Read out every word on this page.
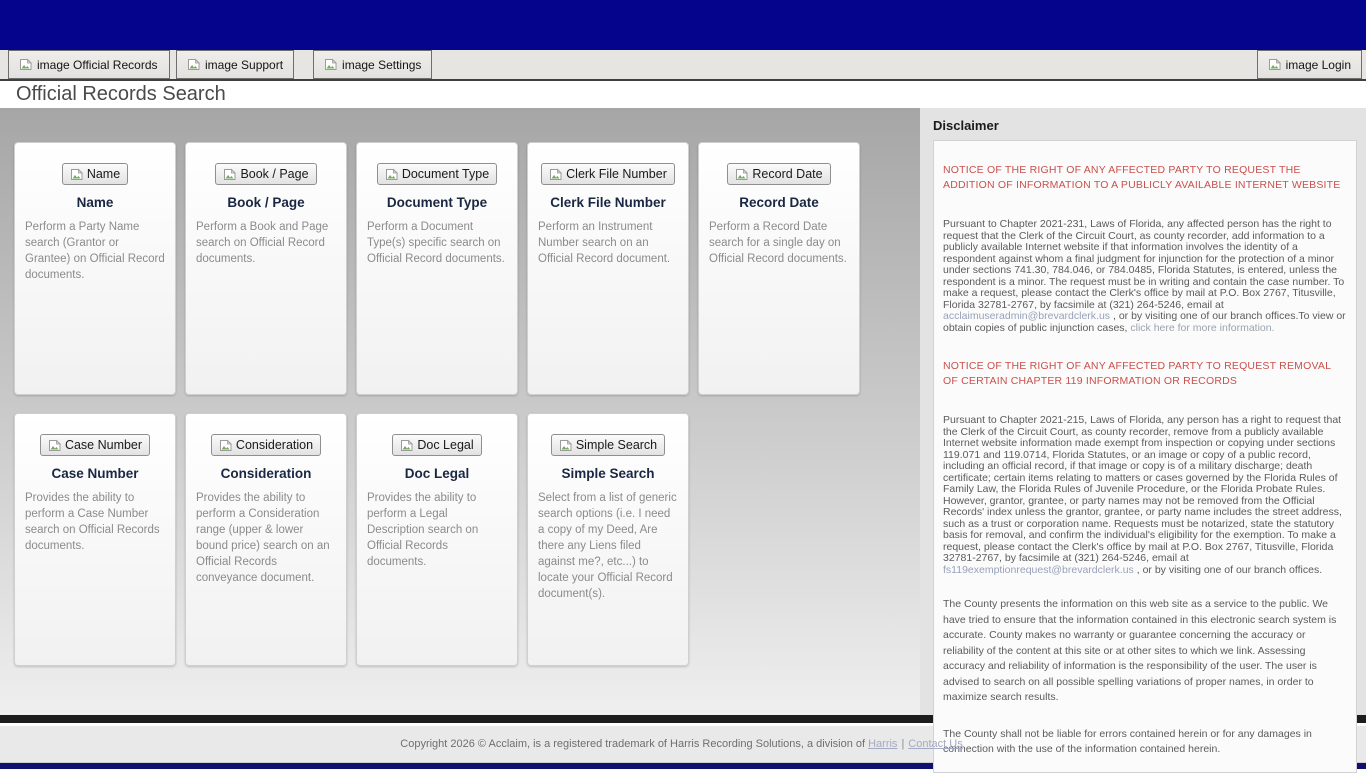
image Official Records	image Support	image Settings	image Login
Official Records Search
Name
Name
Perform a Party Name search (Grantor or Grantee) on Official Record documents.
Book / Page
Book / Page
Perform a Book and Page search on Official Record documents.
Document Type
Document Type
Perform a Document Type(s) specific search on Official Record documents.
Clerk File Number
Clerk File Number
Perform an Instrument Number search on an Official Record document.
Record Date
Record Date
Perform a Record Date search for a single day on Official Record documents.
Case Number
Case Number
Provides the ability to perform a Case Number search on Official Records documents.
Consideration
Consideration
Provides the ability to perform a Consideration range (upper & lower bound price) search on an Official Records conveyance document.
Doc Legal
Doc Legal
Provides the ability to perform a Legal Description search on Official Records documents.
Simple Search
Simple Search
Select from a list of generic search options (i.e. I need a copy of my Deed, Are there any Liens filed against me?, etc...) to locate your Official Record document(s).
Disclaimer

NOTICE OF THE RIGHT OF ANY AFFECTED PARTY TO REQUEST THE ADDITION OF INFORMATION TO A PUBLICLY AVAILABLE INTERNET WEBSITE

Pursuant to Chapter 2021-231, Laws of Florida, any affected person has the right to request that the Clerk of the Circuit Court, as county recorder, add information to a publicly available Internet website if that information involves the identity of a respondent against whom a final judgment for injunction for the protection of a minor under sections 741.30, 784.046, or 784.0485, Florida Statutes, is entered, unless the respondent is a minor. The request must be in writing and contain the case number. To make a request, please contact the Clerk's office by mail at P.O. Box 2767, Titusville, Florida 32781-2767, by facsimile at (321) 264-5246, email at acclaimuseradmin@brevardclerk.us , or by visiting one of our branch offices.To view or obtain copies of public injunction cases, click here for more information.

NOTICE OF THE RIGHT OF ANY AFFECTED PARTY TO REQUEST REMOVAL OF CERTAIN CHAPTER 119 INFORMATION OR RECORDS

Pursuant to Chapter 2021-215, Laws of Florida, any person has a right to request that the Clerk of the Circuit Court, as county recorder, remove from a publicly available Internet website information made exempt from inspection or copying under sections 119.071 and 119.0714, Florida Statutes, or an image or copy of a public record, including an official record, if that image or copy is of a military discharge; death certificate; certain items relating to matters or cases governed by the Florida Rules of Family Law, the Florida Rules of Juvenile Procedure, or the Florida Probate Rules. However, grantor, grantee, or party names may not be removed from the Official Records' index unless the grantor, grantee, or party name includes the street address, such as a trust or corporation name. Requests must be notarized, state the statutory basis for removal, and confirm the individual's eligibility for the exemption. To make a request, please contact the Clerk's office by mail at P.O. Box 2767, Titusville, Florida 32781-2767, by facsimile at (321) 264-5246, email at fs119exemptionrequest@brevardclerk.us , or by visiting one of our branch offices.

The County presents the information on this web site as a service to the public. We have tried to ensure that the information contained in this electronic search system is accurate. County makes no warranty or guarantee concerning the accuracy or reliability of the content at this site or at other sites to which we link. Assessing accuracy and reliability of information is the responsibility of the user. The user is advised to search on all possible spelling variations of proper names, in order to maximize search results.

The County shall not be liable for errors contained herein or for any damages in connection with the use of the information contained herein.

Copyright 2026 © Acclaim, is a registered trademark of Harris Recording Solutions, a division of Harris | Contact Us
